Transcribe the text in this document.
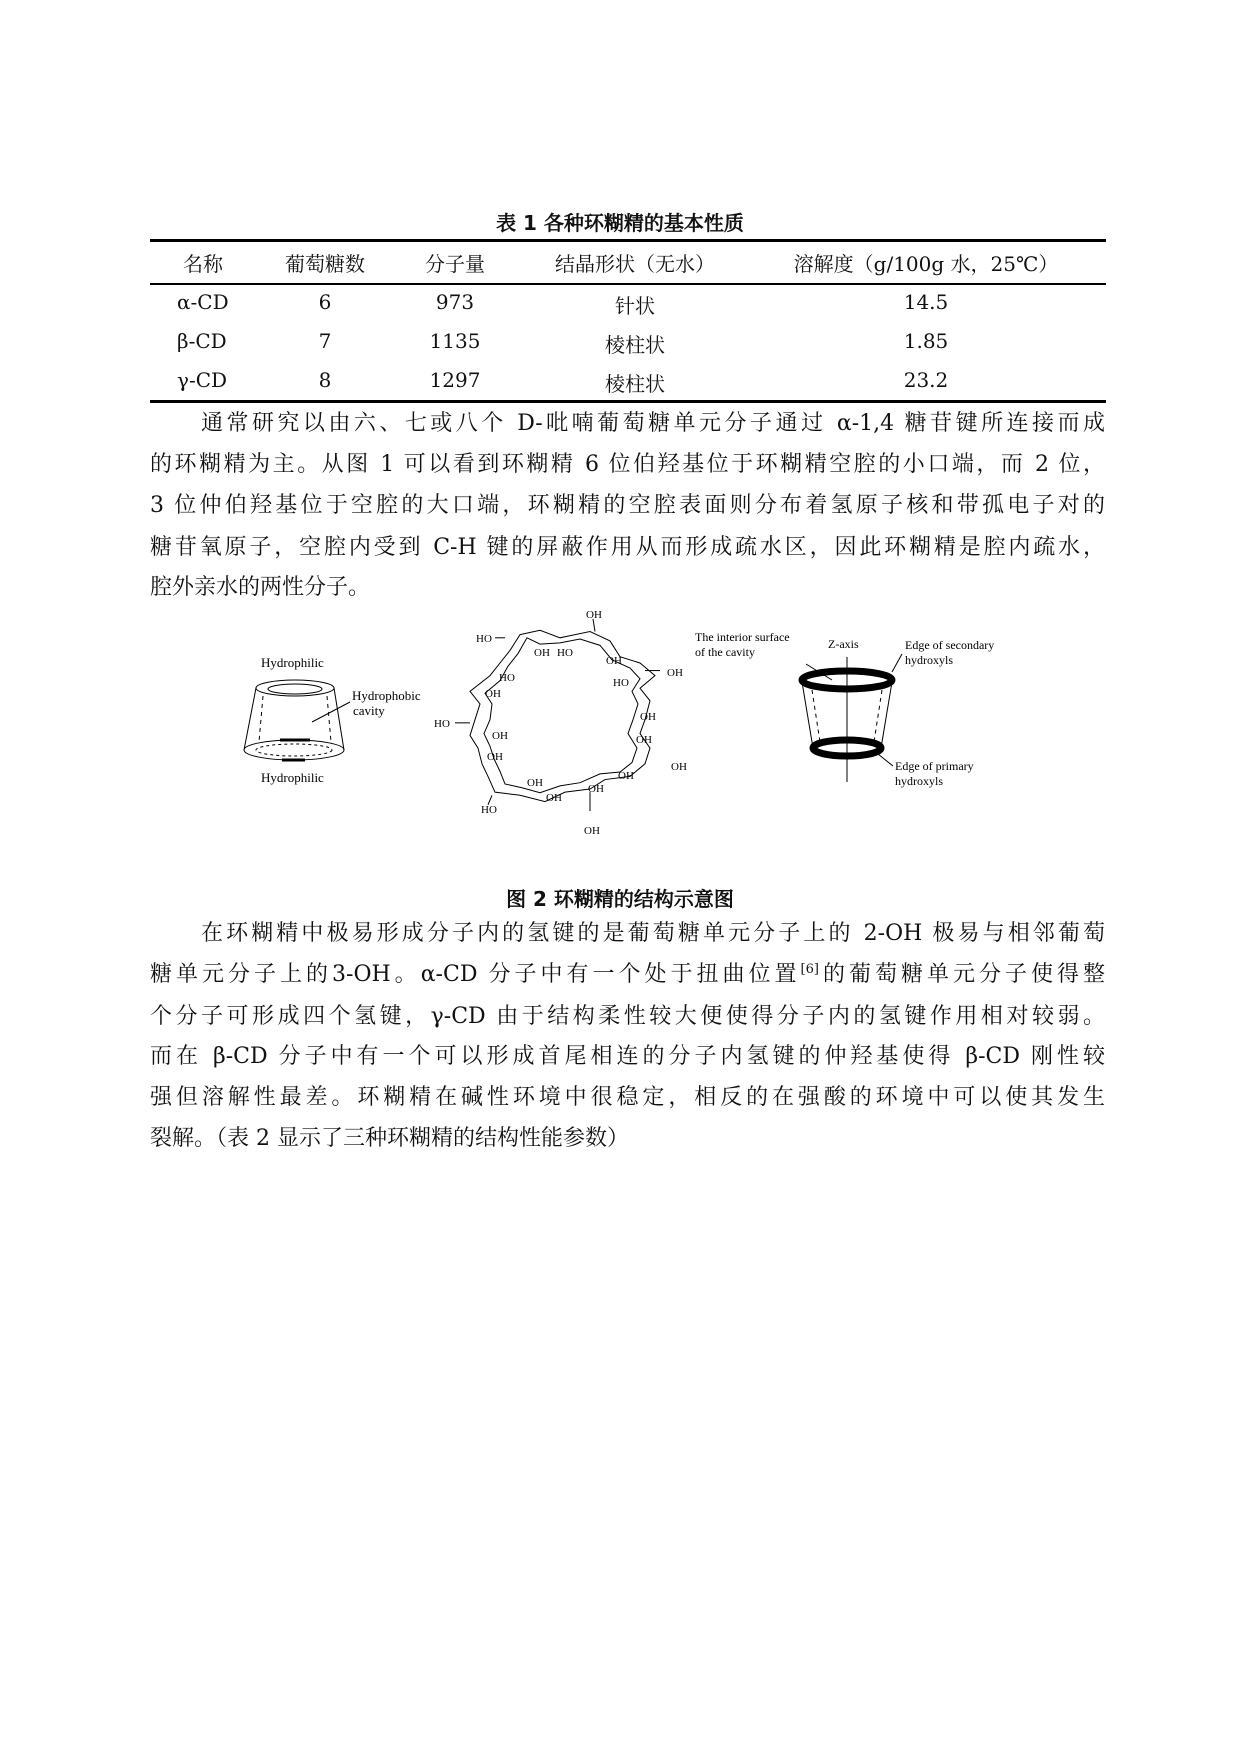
表 1 各种环糊精的基本性质
名称	葡萄糖数	分子量	结晶形状（无水）	溶解度（g/100g 水，25℃）
α-CD	6	973	针状	14.5
β-CD	7	1135	棱柱状	1.85
γ-CD	8	1297	棱柱状	23.2
通常研究以由六、七或八个 D-吡喃葡萄糖单元分子通过 α-1,4 糖苷键所连接而成
的环糊精为主。从图 1 可以看到环糊精 6 位伯羟基位于环糊精空腔的小口端，而 2 位，
3 位仲伯羟基位于空腔的大口端，环糊精的空腔表面则分布着氢原子核和带孤电子对的
糖苷氧原子，空腔内受到 C-H 键的屏蔽作用从而形成疏水区，因此环糊精是腔内疏水，
腔外亲水的两性分子。
Hydrophilic
Hydrophilic
Hydrophobic
cavity
OH
HO
OH HO
OH
OH
HO
HO
OH
HO
OH
OH
OH
OH
OH
OH
OH
HO
OH
OH
OH
The interior surface
of the cavity
Z-axis	Edge of secondary
hydroxyls
Edge of primary
hydroxyls
图 2 环糊精的结构示意图
在环糊精中极易形成分子内的氢键的是葡萄糖单元分子上的 2-OH 极易与相邻葡萄
糖单元分子上的3-OH。α-CD 分子中有一个处于扭曲位置[6]的葡萄糖单元分子使得整
个分子可形成四个氢键，γ-CD 由于结构柔性较大便使得分子内的氢键作用相对较弱。
而在 β-CD 分子中有一个可以形成首尾相连的分子内氢键的仲羟基使得 β-CD 刚性较
强但溶解性最差。环糊精在碱性环境中很稳定，相反的在强酸的环境中可以使其发生
裂解。（表 2 显示了三种环糊精的结构性能参数）
